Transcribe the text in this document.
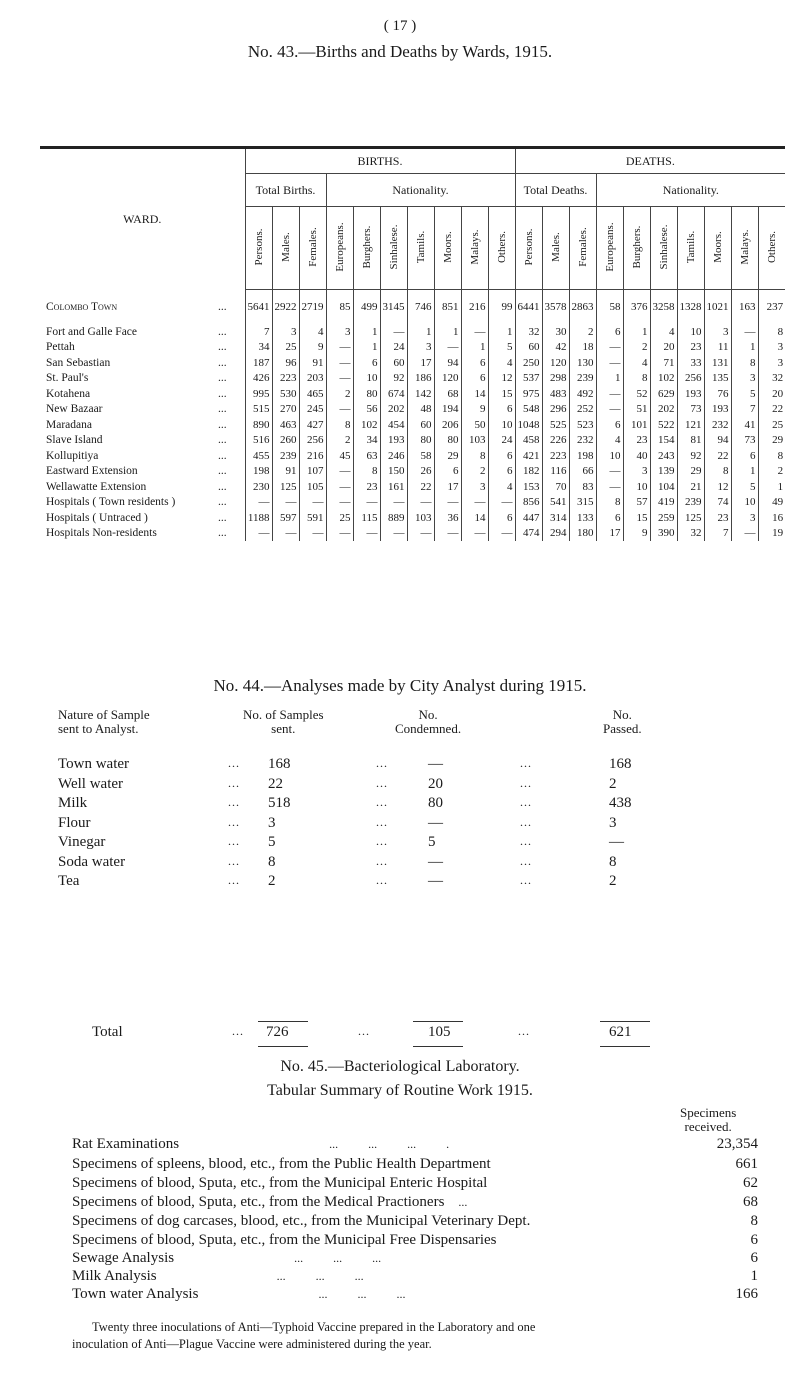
( 17 )
No. 43.—Births and Deaths by Wards, 1915.
WARD.	BIRTHS.										DEATHS.									
	Total Births.			Nationality.							Total Deaths.			Nationality.						

	Persons.	Males.	Females.	Europeans.	Burghers.	Sinhalese.	Tamils.	Moors.	Malays.	Others.	Persons.	Males.	Females.	Europeans.	Burghers.	Sinhalese.	Tamils.	Moors.	Malays.	Others.

Colombo Town ...	5641	2922	2719	85	499	3145	746	851	216	99	6441	3578	2863	58	376	3258	1328	1021	163	237
Fort and Galle Face ...	7	3	4	3	1	—	1	1	—	1	32	30	2	6	1	4	10	3	—	8
Pettah ...	34	25	9	—	1	24	3	—	1	5	60	42	18	—	2	20	23	11	1	3
San Sebastian ...	187	96	91	—	6	60	17	94	6	4	250	120	130	—	4	71	33	131	8	3
St. Paul's ...	426	223	203	—	10	92	186	120	6	12	537	298	239	1	8	102	256	135	3	32
Kotahena ...	995	530	465	2	80	674	142	68	14	15	975	483	492	—	52	629	193	76	5	20
New Bazaar ...	515	270	245	—	56	202	48	194	9	6	548	296	252	—	51	202	73	193	7	22
Maradana ...	890	463	427	8	102	454	60	206	50	10	1048	525	523	6	101	522	121	232	41	25
Slave Island ...	516	260	256	2	34	193	80	80	103	24	458	226	232	4	23	154	81	94	73	29
Kollupitiya ...	455	239	216	45	63	246	58	29	8	6	421	223	198	10	40	243	92	22	6	8
Eastward Extension ...	198	91	107	—	8	150	26	6	2	6	182	116	66	—	3	139	29	8	1	2
Wellawatte Extension ...	230	125	105	—	23	161	22	17	3	4	153	70	83	—	10	104	21	12	5	1
Hospitals ( Town residents ) ...	—	—	—	—	—	—	—	—	—	—	856	541	315	8	57	419	239	74	10	49
Hospitals ( Untraced ) ...	1188	597	591	25	115	889	103	36	14	6	447	314	133	6	15	259	125	23	3	16
Hospitals Non-residents ...	—	—	—	—	—	—	—	—	—	—	474	294	180	17	9	390	32	7	—	19
No. 44.—Analyses made by City Analyst during 1915.
Nature of Sample
sent to Analyst.
No. of Samples
sent.
No.
Condemned.
No.
Passed.
Town water	... 168	...	—	...	168
Well water	... 22	...	20	...	2
Milk	... 518	...	80	...	438
Flour	... 3	...	—	...	3
Vinegar	... 5	...	5	...	—
Soda water	... 8	...	—	...	8
Tea	... 2	...	—	...	2
Total	... 726	...	105	...	621
No. 45.—Bacteriological Laboratory.
Tabular Summary of Routine Work 1915.
Specimens
received.
Rat Examinations	...          ...          ...          .	23,354
Specimens of spleens, blood, etc., from the Public Health Department	661
Specimens of blood, Sputa, etc., from the Municipal Enteric Hospital	62
Specimens of blood, Sputa, etc., from the Medical Practioners ...	68
Specimens of dog carcases, blood, etc., from the Municipal Veterinary Dept.	8
Specimens of blood, Sputa, etc., from the Municipal Free Dispensaries	6
Sewage Analysis	...          ...          ...	6
Milk Analysis	...          ...          ...	1
Town water Analysis	...          ...          ...	166
Twenty three inoculations of Anti—Typhoid Vaccine prepared in the Laboratory and one
inoculation of Anti—Plague Vaccine were administered during the year.
